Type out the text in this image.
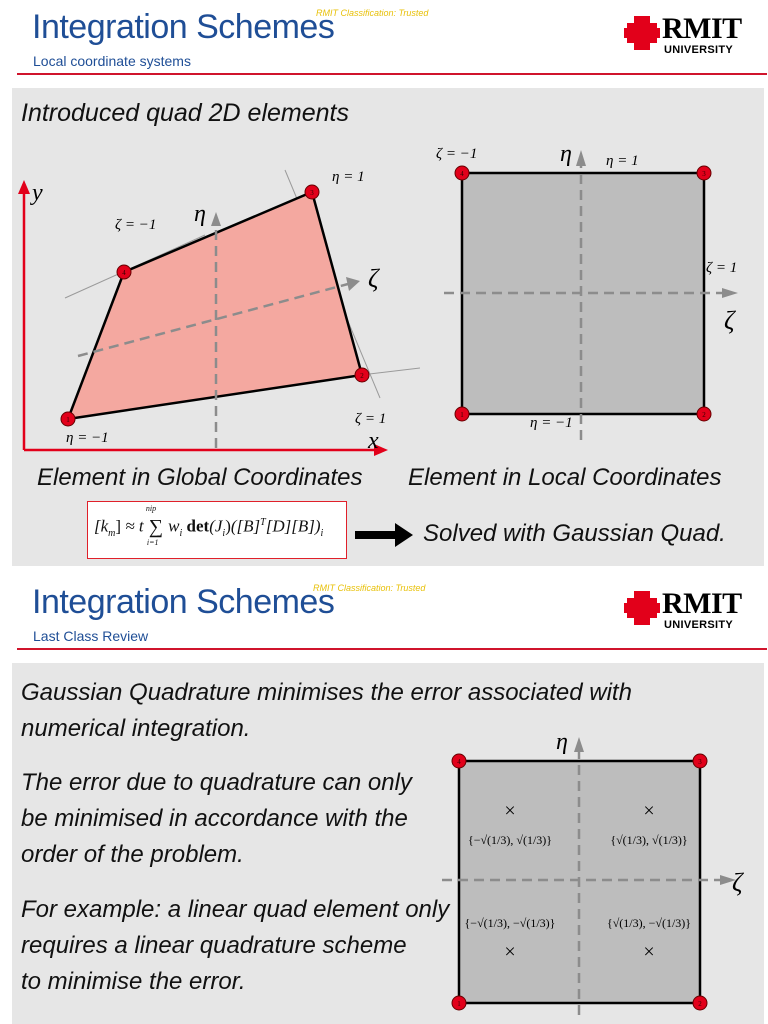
Integration Schemes
RMIT Classification: Trusted
Local coordinate systems
RMIT
UNIVERSITY
Introduced quad 2D elements
1
2
3
4
y
x
η
ζ
ζ = −1
η = 1
ζ = 1
η = −1
1	2
3
4
η
ζ
ζ = −1	η = 1
ζ = 1
η = −1
Element in Global Coordinates Element in Local Coordinates
$[k_m] \approx t$
nip
∑
i=1
$w_i$ $\det(J_i)([B]^T[D][B])_i$	Solved with Gaussian Quad.
Integration Schemes
RMIT Classification: Trusted
Last Class Review
RMIT
UNIVERSITY
Gaussian Quadrature minimises the error associated with
numerical integration.
The error due to quadrature can only
be minimised in accordance with the
order of the problem.
For example: a linear quad element only
requires a linear quadrature scheme
to minimise the error.
1	2
3
4
η
ζ
×	×
×	×
{−√(1/3), √(1/3)}	{√(1/3), √(1/3)}
{−√(1/3), −√(1/3)}	{√(1/3), −√(1/3)}
